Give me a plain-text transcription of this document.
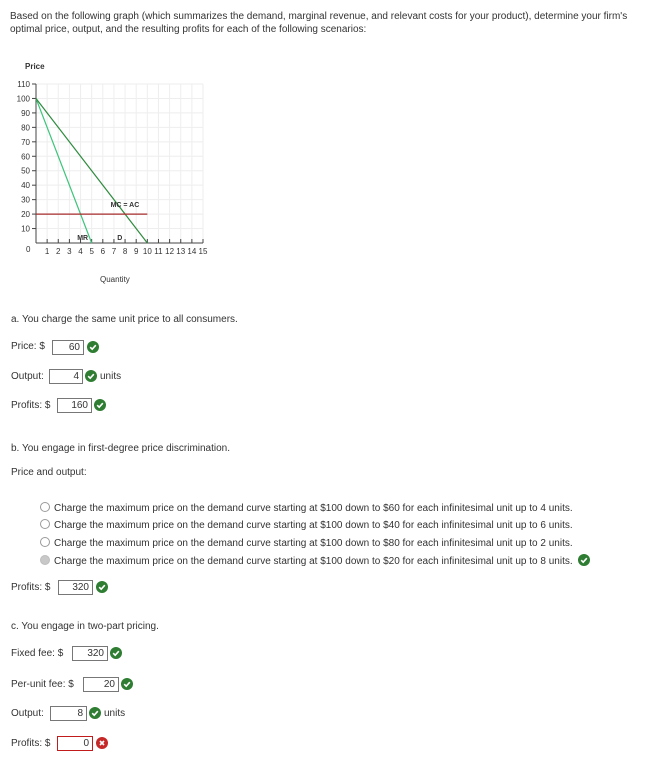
Based on the following graph (which summarizes the demand, marginal revenue, and relevant costs for your product), determine your firm's optimal price, output, and the resulting profits for each of the following scenarios:
Price
110
100
90
80
70
60
50
40
30
20
10
0 1 2 3 4 5 6 7 8 9 10 11 12 13 14 15
MC = AC
MR	D
Quantity
a. You charge the same unit price to all consumers.
Price: $	60
Output:	4	units
Profits: $	160
b. You engage in first-degree price discrimination.
Price and output:
Charge the maximum price on the demand curve starting at $100 down to $60 for each infinitesimal unit up to 4 units.
Charge the maximum price on the demand curve starting at $100 down to $40 for each infinitesimal unit up to 6 units.
Charge the maximum price on the demand curve starting at $100 down to $80 for each infinitesimal unit up to 2 units.
Charge the maximum price on the demand curve starting at $100 down to $20 for each infinitesimal unit up to 8 units.
Profits: $	320
c. You engage in two-part pricing.
Fixed fee: $	320
Per-unit fee: $	20
Output:	8	units
Profits: $	0
